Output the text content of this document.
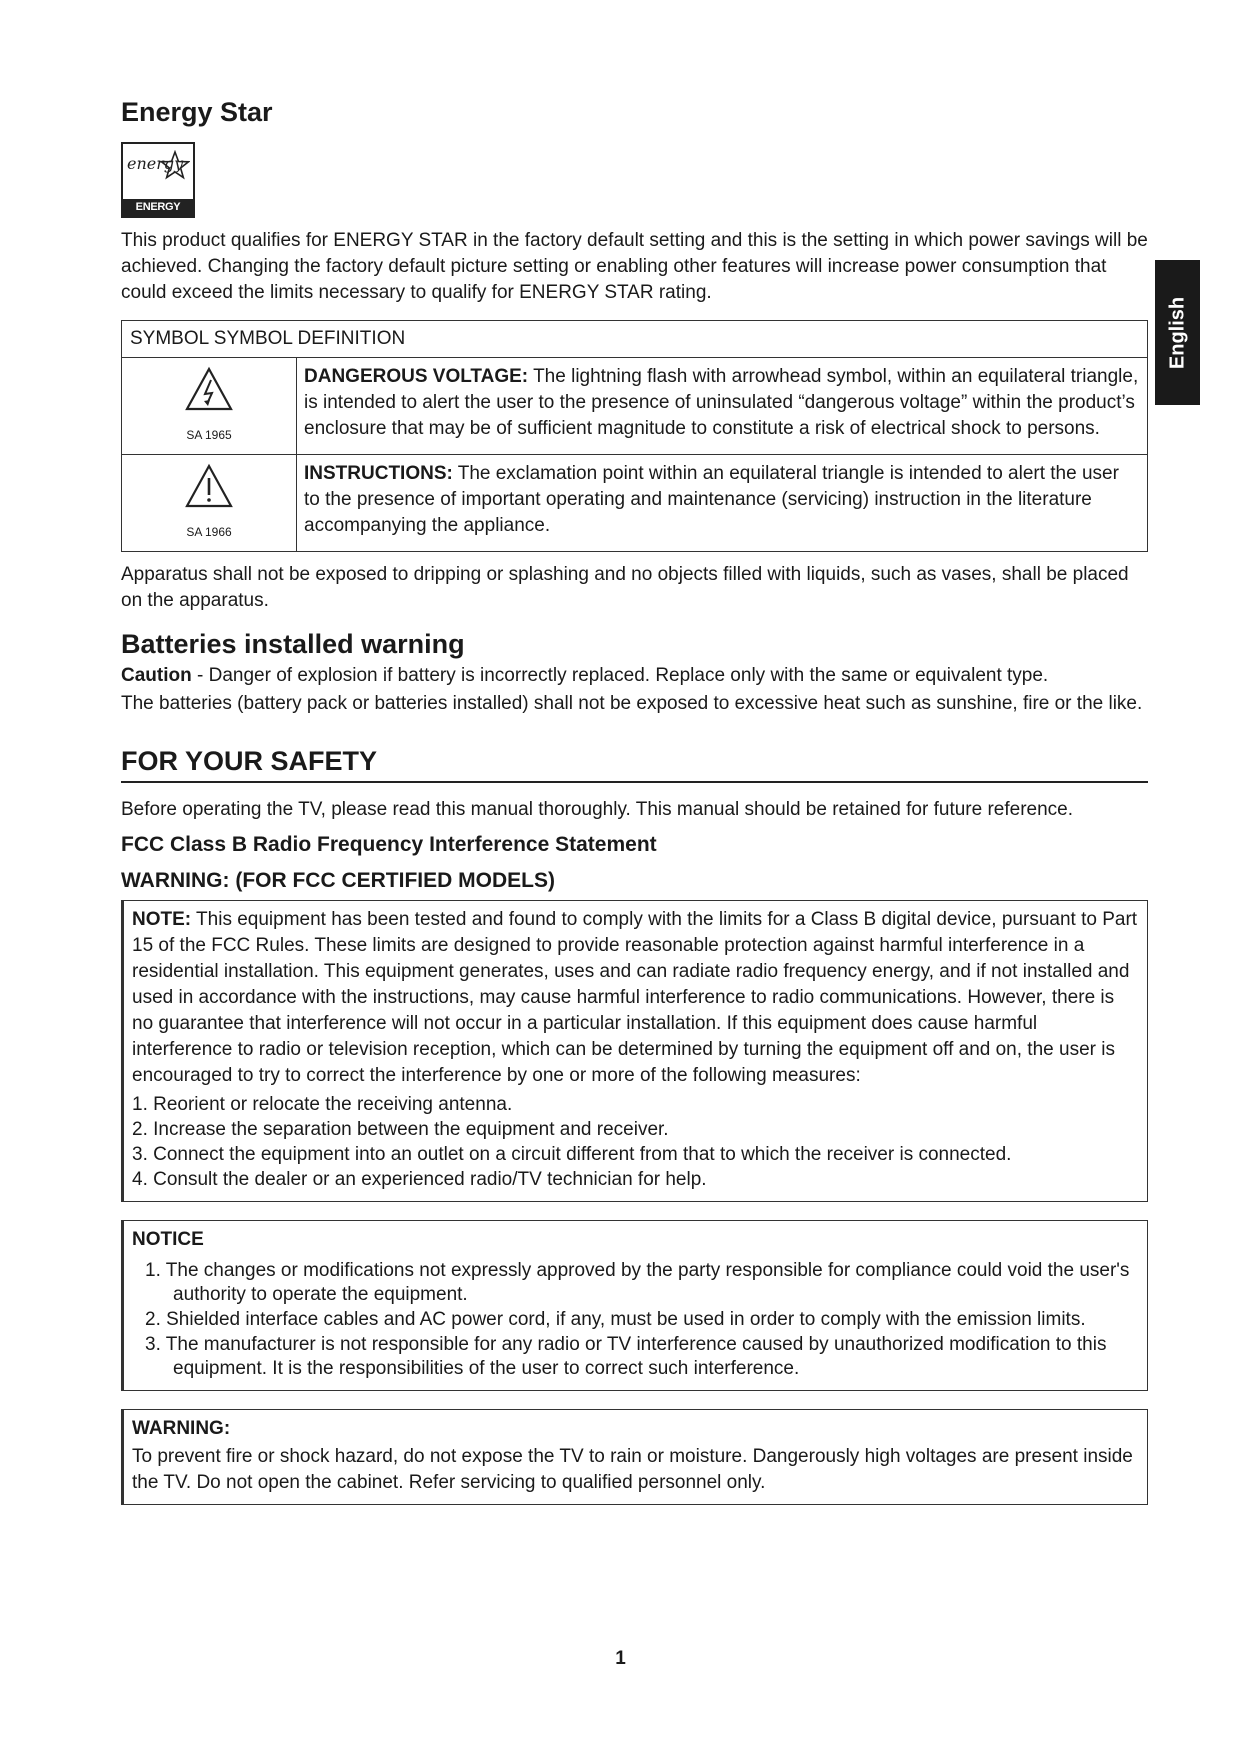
Energy Star
energy
ENERGY STAR

This product qualifies for ENERGY STAR in the factory default setting and this is the setting in which power savings will be achieved. Changing the factory default picture setting or enabling other features will increase power consumption that could exceed the limits necessary to qualify for ENERGY STAR rating.

SYMBOL SYMBOL DEFINITION	

SA 1965	DANGEROUS VOLTAGE: The lightning flash with arrowhead symbol, within an equilateral triangle, is intended to alert the user to the presence of uninsulated “dangerous voltage” within the product’s enclosure that may be of sufficient magnitude to constitute a risk of electrical shock to persons.

SA 1966	INSTRUCTIONS: The exclamation point within an equilateral triangle is intended to alert the user to the presence of important operating and maintenance (servicing) instruction in the literature accompanying the appliance.

Apparatus shall not be exposed to dripping or splashing and no objects filled with liquids, such as vases, shall be placed on the apparatus.

Batteries installed warning

Caution - Danger of explosion if battery is incorrectly replaced. Replace only with the same or equivalent type.

The batteries (battery pack or batteries installed) shall not be exposed to excessive heat such as sunshine, fire or the like.

FOR YOUR SAFETY

Before operating the TV, please read this manual thoroughly. This manual should be retained for future reference.

FCC Class B Radio Frequency Interference Statement
WARNING: (FOR FCC CERTIFIED MODELS)

NOTE: This equipment has been tested and found to comply with the limits for a Class B digital device, pursuant to Part 15 of the FCC Rules. These limits are designed to provide reasonable protection against harmful interference in a residential installation. This equipment generates, uses and can radiate radio frequency energy, and if not installed and used in accordance with the instructions, may cause harmful interference to radio communications. However, there is no guarantee that interference will not occur in a particular installation. If this equipment does cause harmful interference to radio or television reception, which can be determined by turning the equipment off and on, the user is encouraged to try to correct the interference by one or more of the following measures:

1. Reorient or relocate the receiving antenna.
2. Increase the separation between the equipment and receiver.
3. Connect the equipment into an outlet on a circuit different from that to which the receiver is connected.
4. Consult the dealer or an experienced radio/TV technician for help.
NOTICE
1. The changes or modifications not expressly approved by the party responsible for compliance could void the user's authority to operate the equipment.
2. Shielded interface cables and AC power cord, if any, must be used in order to comply with the emission limits.
3. The manufacturer is not responsible for any radio or TV interference caused by unauthorized modification to this equipment. It is the responsibilities of the user to correct such interference.
WARNING:

To prevent fire or shock hazard, do not expose the TV to rain or moisture. Dangerously high voltages are present inside the TV. Do not open the cabinet. Refer servicing to qualified personnel only.

English
1
